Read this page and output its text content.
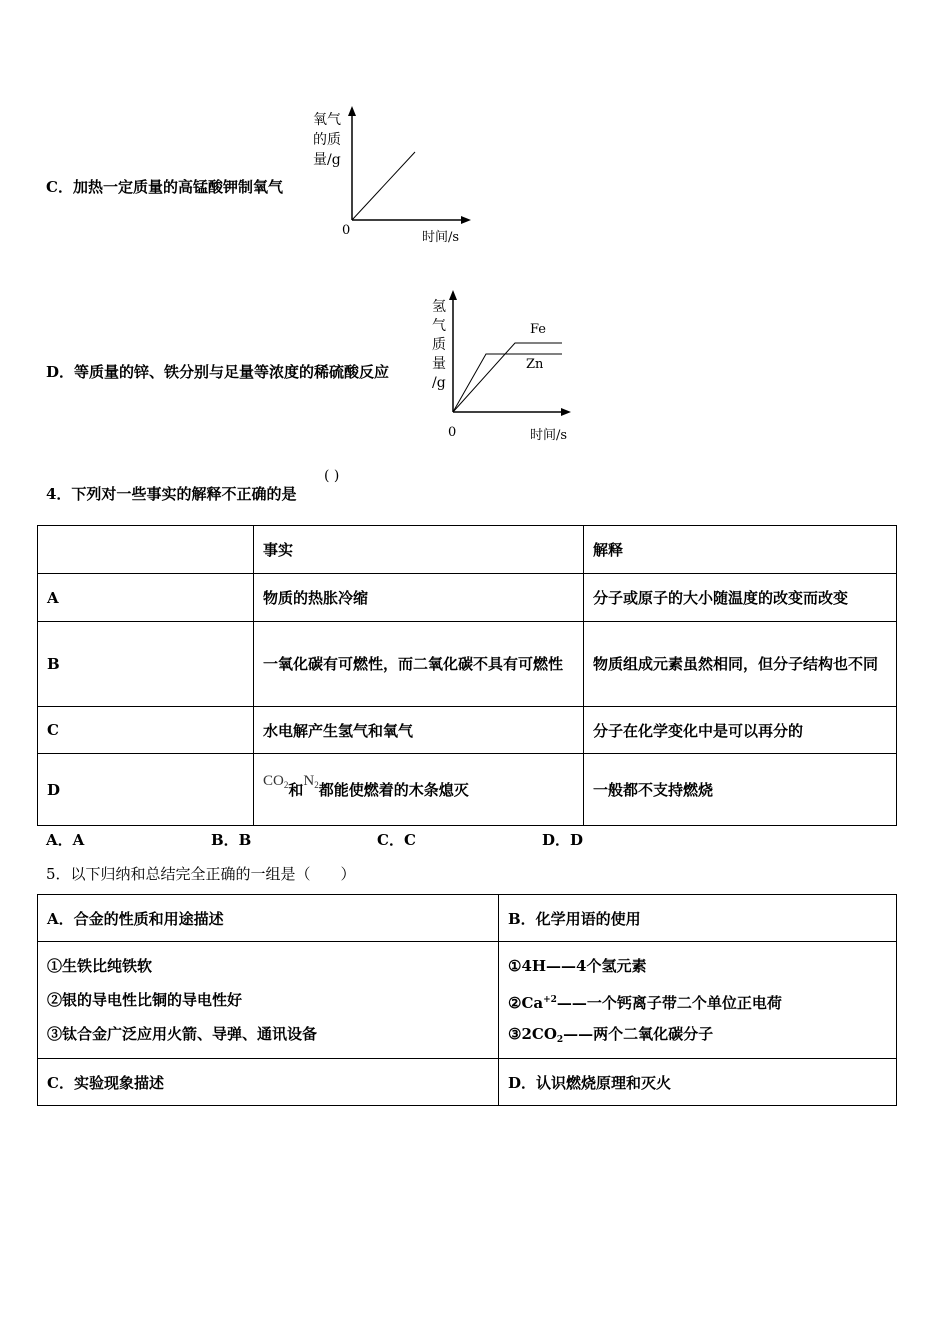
C．加热一定质量的高锰酸钾制氧气
氧气
的质
量/g
0	时间/s
D．等质量的锌、铁分别与足量等浓度的稀硫酸反应
氢
气
质
量
/g
0	时间/s
Fe
Zn
4．下列对一些事实的解释不正确的是
( )
	事实	解释
A	物质的热胀冷缩	分子或原子的大小随温度的改变而改变
B	一氧化碳有可燃性，而二氧化碳不具有可燃性	物质组成元素虽然相同，但分子结构也不同
C	水电解产生氢气和氧气	分子在化学变化中是可以再分的
D	$CO_2$和$N_2$都能使燃着的木条熄灭	一般都不支持燃烧
A．A	B．B	C．C	D．D
5．以下归纳和总结完全正确的一组是（　　）
A．合金的性质和用途描述	B．化学用语的使用

①生铁比纯铁软
②银的导电性比铜的导电性好
③钛合金广泛应用火箭、导弹、通讯设备	①4H——4个氢元素
$②Ca^{+2}——$一个钙离子带二个单位正电荷
$③2CO_2——$两个二氧化碳分子

C．实验现象描述	D．认识燃烧原理和灭火
